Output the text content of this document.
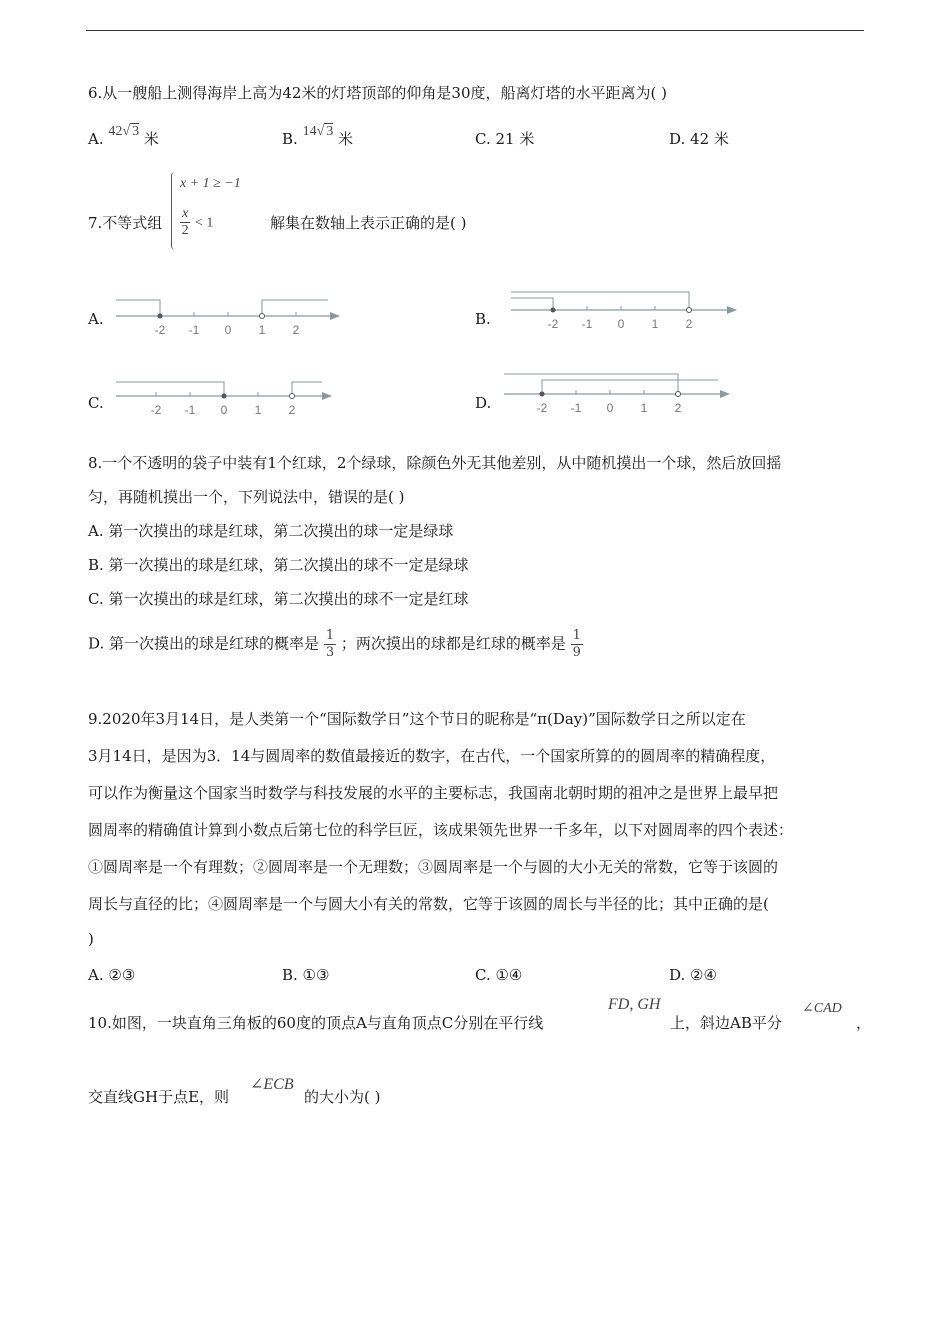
6.从一艘船上测得海岸上高为42米的灯塔顶部的仰角是30度，船离灯塔的水平距离为( )
A. 42√ 3 米	B. 14√ 3 米	C. 21 米	D. 42 米
7.不等式组
x + 1 ≥ −1
$\frac{x}{2} < 1$	解集在数轴上表示正确的是( )
A.
-2 -1 0 1 2
B.	-2 -1 0 1 2
C.	-2 -1 0 1 2	D.	-2 -1 0 1 2
8.一个不透明的袋子中装有1个红球，2个绿球，除颜色外无其他差别，从中随机摸出一个球，然后放回摇
匀，再随机摸出一个，下列说法中，错误的是( )
A. 第一次摸出的球是红球，第二次摸出的球一定是绿球
B. 第一次摸出的球是红球，第二次摸出的球不一定是绿球
C. 第一次摸出的球是红球，第二次摸出的球不一定是红球
D. 第一次摸出的球是红球的概率是 $\frac{1}{3}$ ；两次摸出的球都是红球的概率是 $\frac{1}{9}$
9.2020年3月14日，是人类第一个“国际数学日”这个节日的昵称是“π(Day)”国际数学日之所以定在
3月14日，是因为3．14与圆周率的数值最接近的数字，在古代，一个国家所算的的圆周率的精确程度，
可以作为衡量这个国家当时数学与科技发展的水平的主要标志，我国南北朝时期的祖冲之是世界上最早把
圆周率的精确值计算到小数点后第七位的科学巨匠，该成果领先世界一千多年，以下对圆周率的四个表述：
①圆周率是一个有理数；②圆周率是一个无理数；③圆周率是一个与圆的大小无关的常数，它等于该圆的
周长与直径的比；④圆周率是一个与圆大小有关的常数，它等于该圆的周长与半径的比；其中正确的是(
)
A. ②③	B. ①③	C. ①④	D. ②④
10.如图，一块直角三角板的60度的顶点A与直角顶点C分别在平行线
FD, GH
上，斜边AB平分
∠CAD
，
交直线GH于点E，则
∠ECB
的大小为( )
